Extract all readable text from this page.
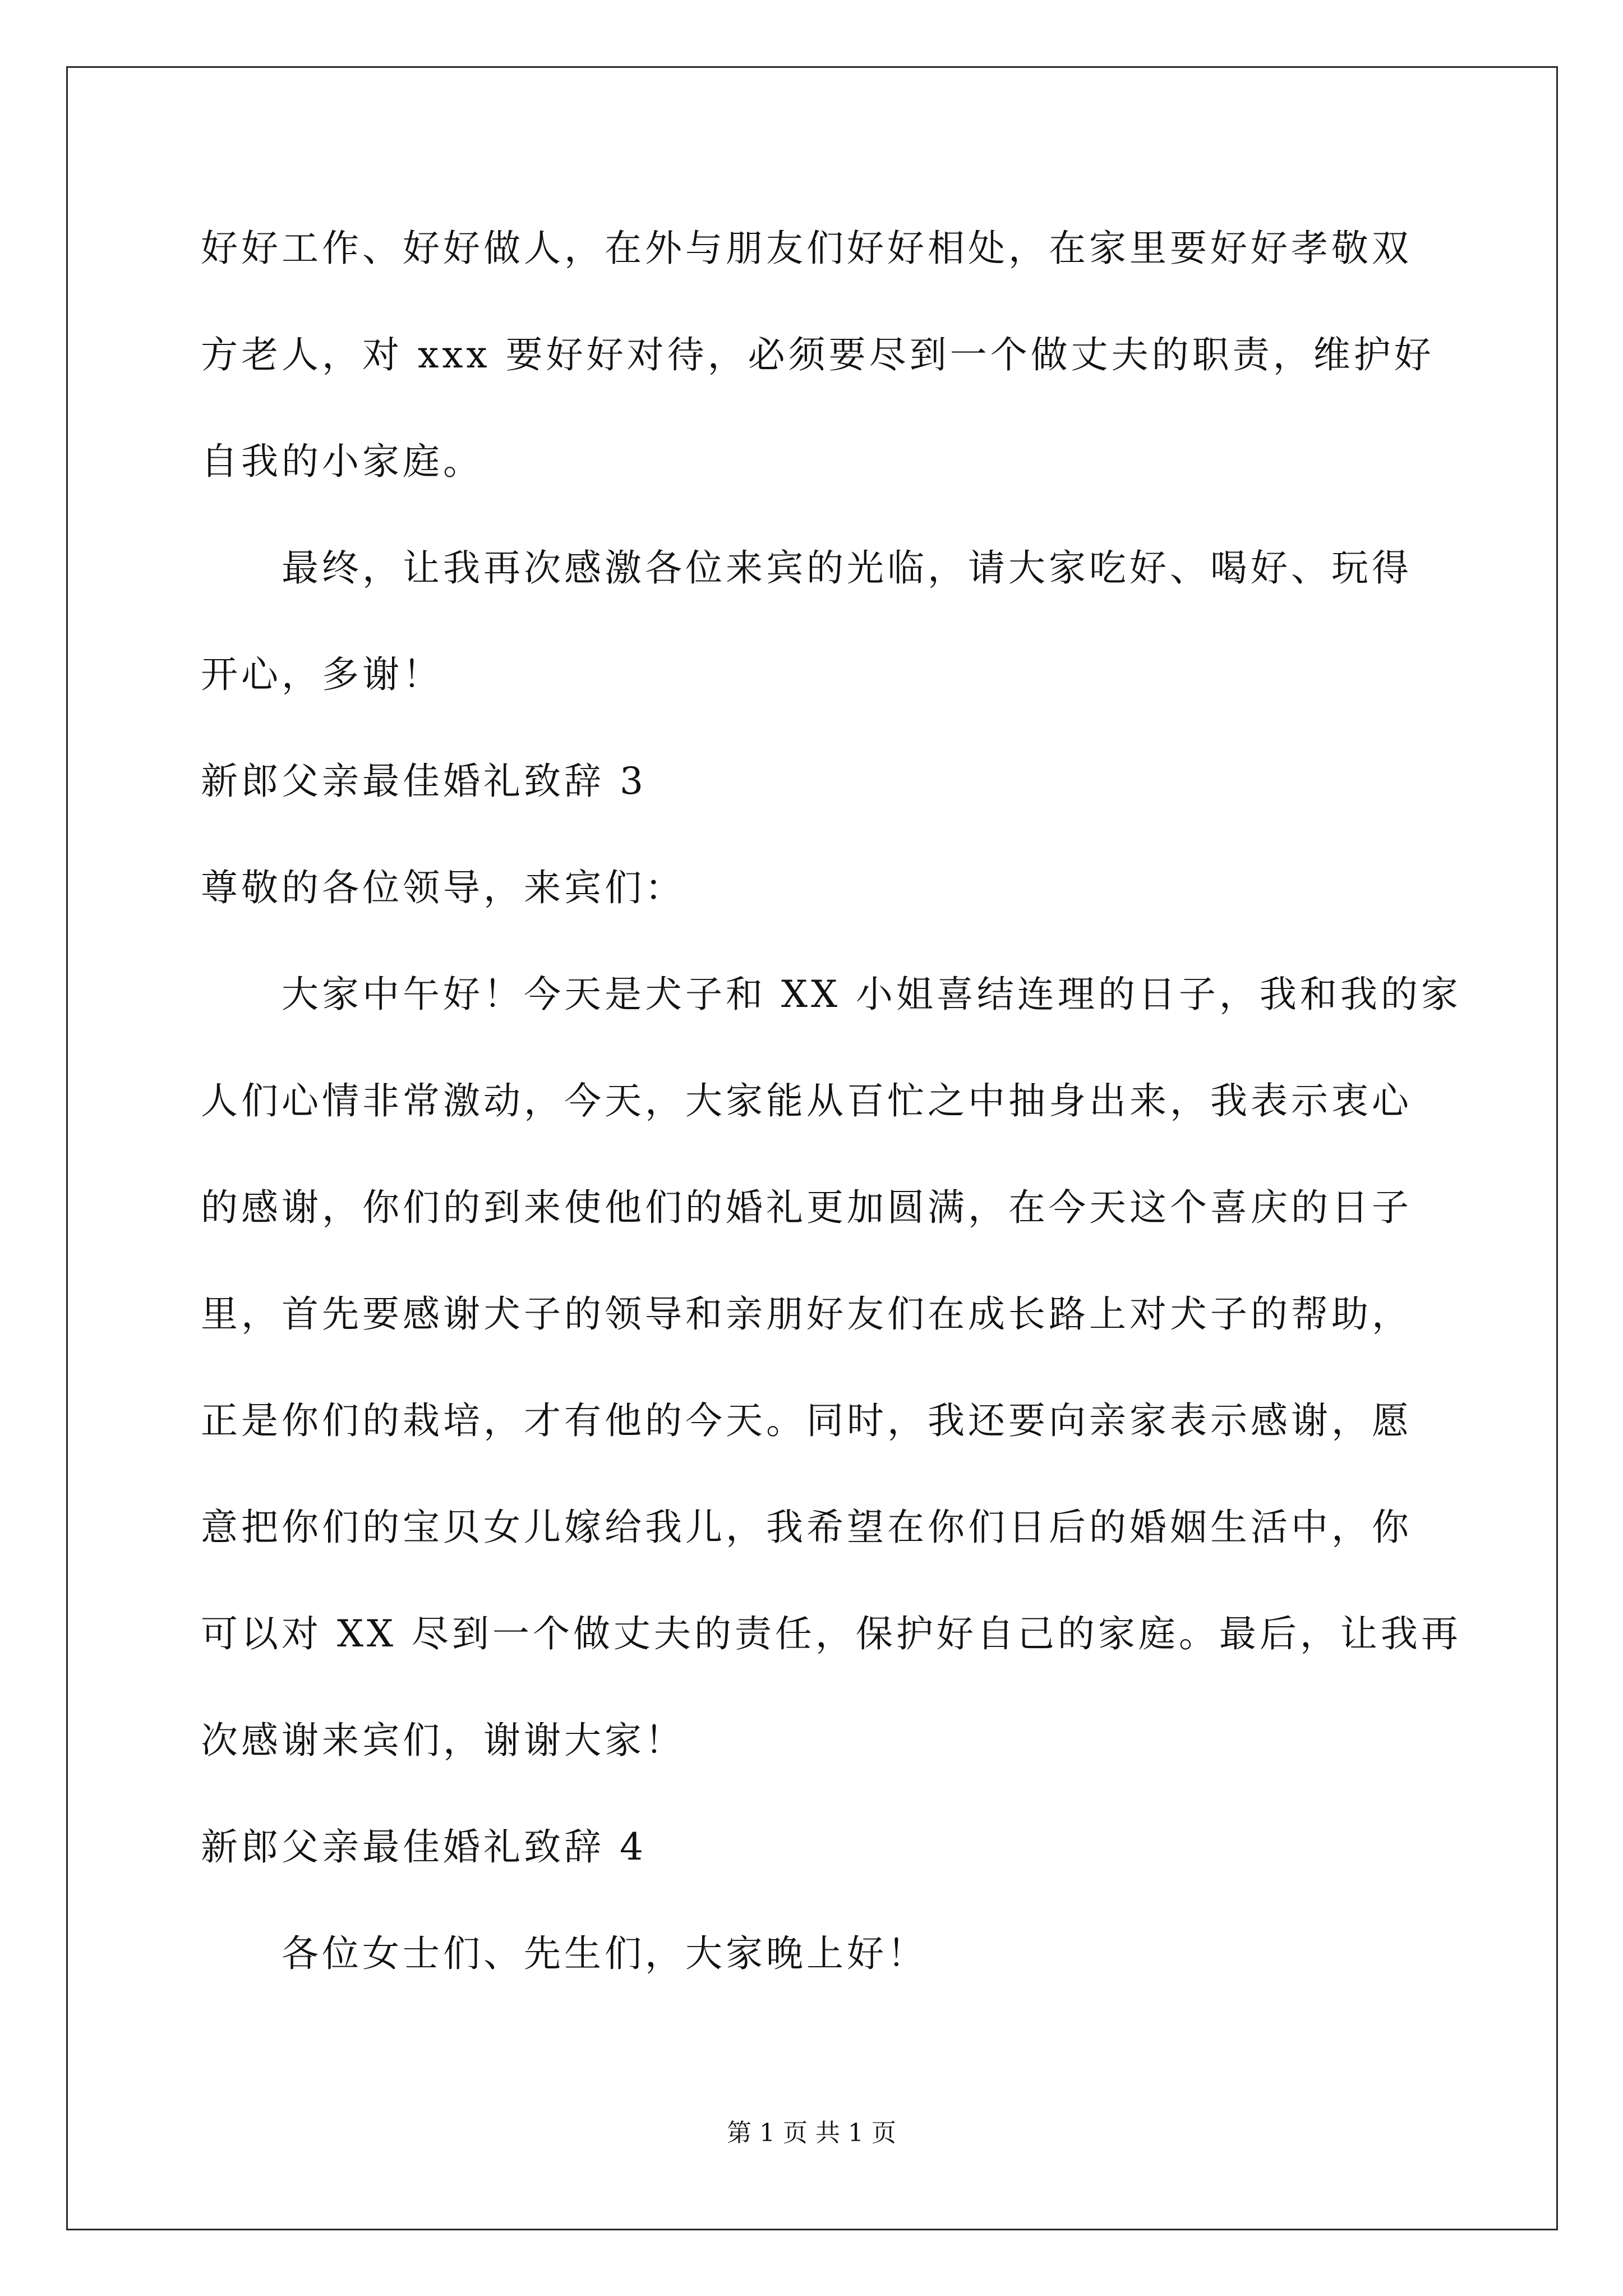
好好工作、好好做人，在外与朋友们好好相处，在家里要好好孝敬双
方老人，对 xxx 要好好对待，必须要尽到一个做丈夫的职责，维护好
自我的小家庭。
最终，让我再次感激各位来宾的光临，请大家吃好、喝好、玩得
开心，多谢！
新郎父亲最佳婚礼致辞 3
尊敬的各位领导，来宾们：
大家中午好！今天是犬子和 XX 小姐喜结连理的日子，我和我的家
人们心情非常激动，今天，大家能从百忙之中抽身出来，我表示衷心
的感谢，你们的到来使他们的婚礼更加圆满，在今天这个喜庆的日子
里，首先要感谢犬子的领导和亲朋好友们在成长路上对犬子的帮助，
正是你们的栽培，才有他的今天。同时，我还要向亲家表示感谢，愿
意把你们的宝贝女儿嫁给我儿，我希望在你们日后的婚姻生活中，你
可以对 XX 尽到一个做丈夫的责任，保护好自己的家庭。最后，让我再
次感谢来宾们，谢谢大家！
新郎父亲最佳婚礼致辞 4
各位女士们、先生们，大家晚上好！
第 1 页 共 1 页
